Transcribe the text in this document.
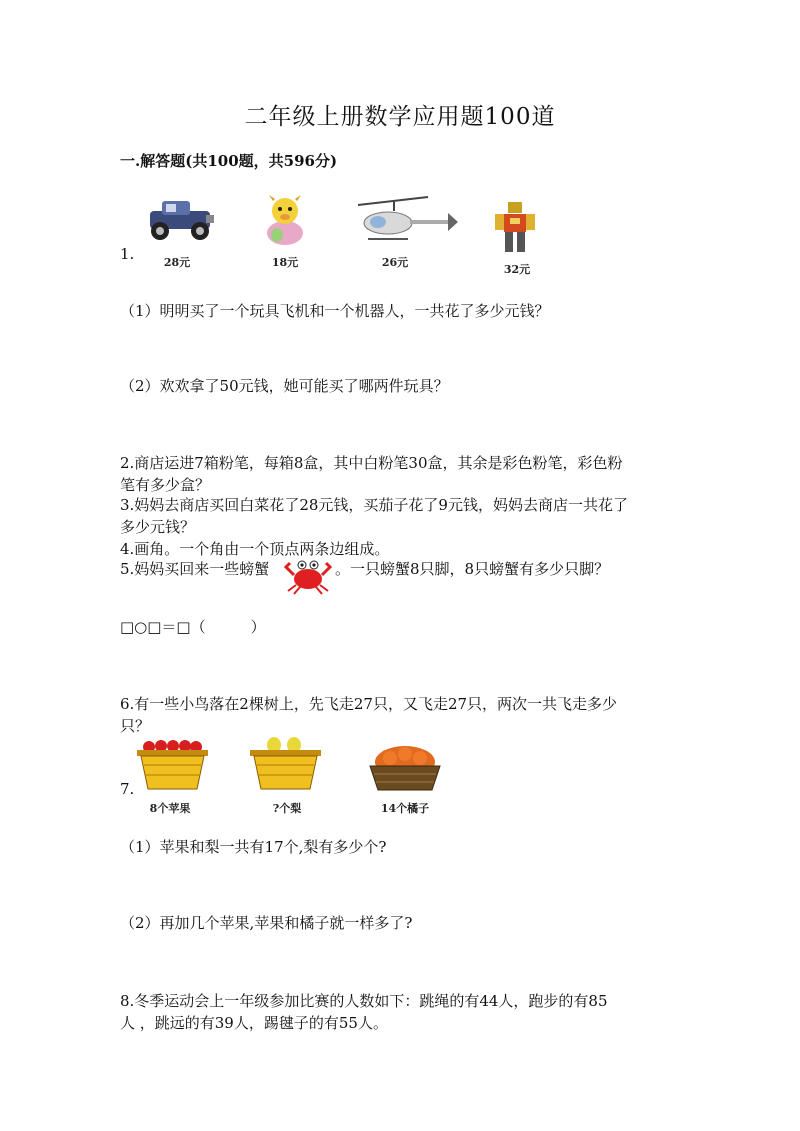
二年级上册数学应用题100道
一.解答题(共100题，共596分)
1.	28元	18元	26元
32元
（1）明明买了一个玩具飞机和一个机器人，一共花了多少元钱？
（2）欢欢拿了50元钱，她可能买了哪两件玩具？
2.商店运进7箱粉笔，每箱8盒，其中白粉笔30盒，其余是彩色粉笔，彩色粉
笔有多少盒？
3.妈妈去商店买回白菜花了28元钱，买茄子花了9元钱，妈妈去商店一共花了
多少元钱？
4.画角。一个角由一个顶点两条边组成。
5.妈妈买回来一些螃蟹	。一只螃蟹8只脚，8只螃蟹有多少只脚？
□○□＝□（　　　）
6.有一些小鸟落在2棵树上，先飞走27只，又飞走27只，两次一共飞走多少
只？
7.
8个苹果	?个梨	14个橘子
（1）苹果和梨一共有17个,梨有多少个?
（2）再加几个苹果,苹果和橘子就一样多了?
8.冬季运动会上一年级参加比赛的人数如下：跳绳的有44人，跑步的有85
人 ，跳远的有39人，踢毽子的有55人。
